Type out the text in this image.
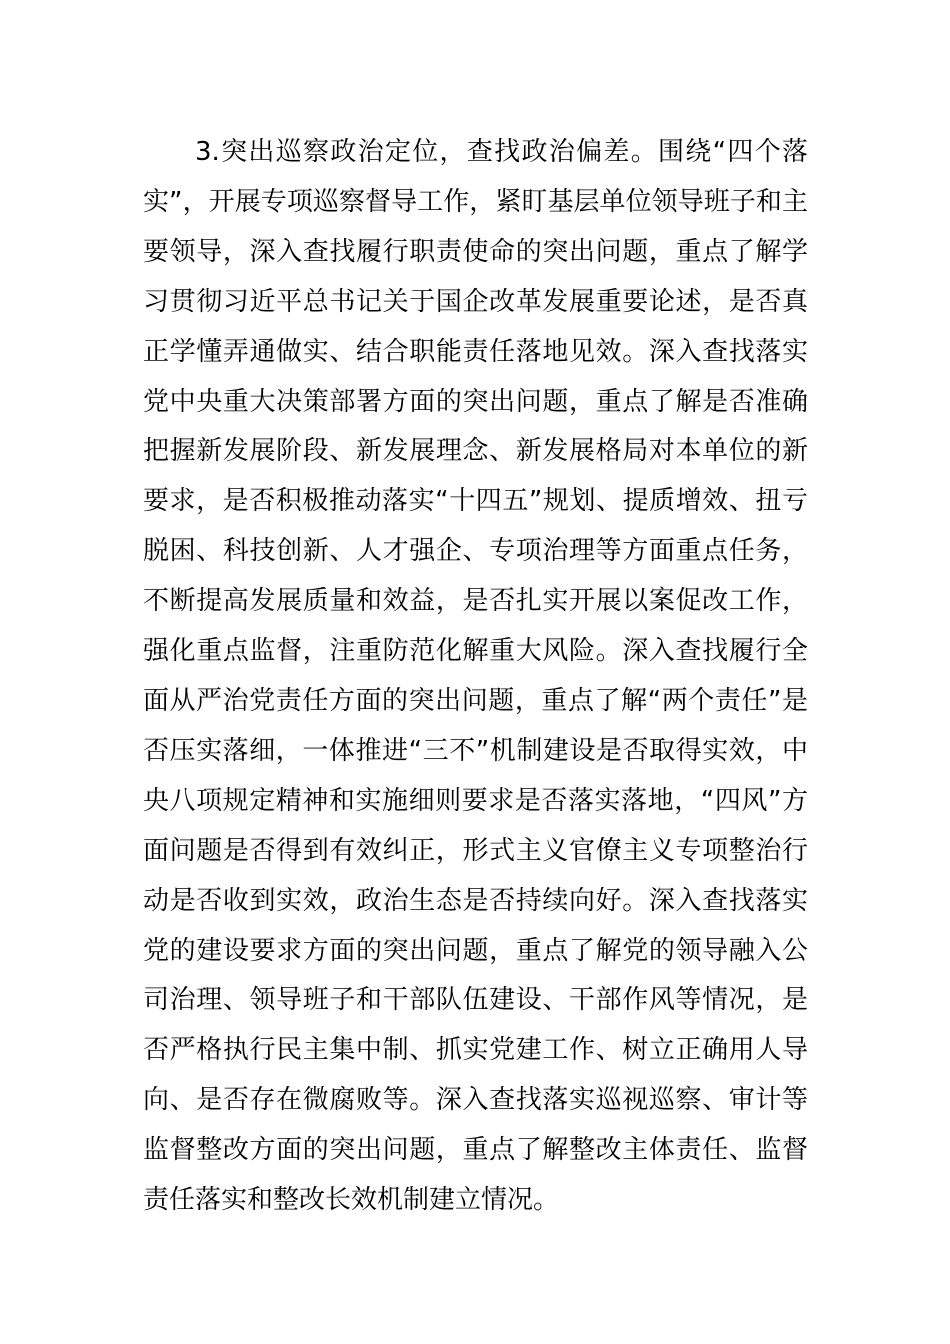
3.突出巡察政治定位，查找政治偏差。围绕“四个落实”，开展专项巡察督导工作，紧盯基层单位领导班子和主要领导，深入查找履行职责使命的突出问题，重点了解学习贯彻习近平总书记关于国企改革发展重要论述，是否真正学懂弄通做实、结合职能责任落地见效。深入查找落实党中央重大决策部署方面的突出问题，重点了解是否准确把握新发展阶段、新发展理念、新发展格局对本单位的新要求，是否积极推动落实“十四五”规划、提质增效、扭亏脱困、科技创新、人才强企、专项治理等方面重点任务，不断提高发展质量和效益，是否扎实开展以案促改工作，强化重点监督，注重防范化解重大风险。深入查找履行全面从严治党责任方面的突出问题，重点了解“两个责任”是否压实落细，一体推进“三不”机制建设是否取得实效，中央八项规定精神和实施细则要求是否落实落地，“四风”方面问题是否得到有效纠正，形式主义官僚主义专项整治行动是否收到实效，政治生态是否持续向好。深入查找落实党的建设要求方面的突出问题，重点了解党的领导融入公司治理、领导班子和干部队伍建设、干部作风等情况，是否严格执行民主集中制、抓实党建工作、树立正确用人导向、是否存在微腐败等。深入查找落实巡视巡察、审计等监督整改方面的突出问题，重点了解整改主体责任、监督责任落实和整改长效机制建立情况。
